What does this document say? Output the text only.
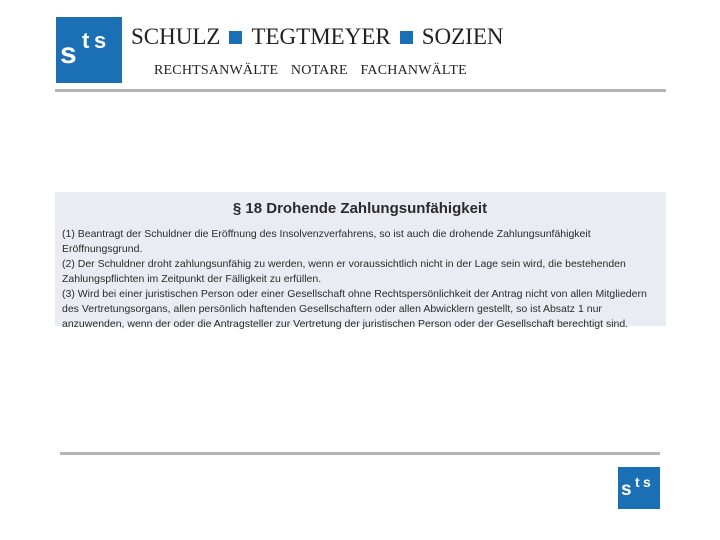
s t s SCHULZ TEGTMEYER SOZIEN
RECHTSANWÄLTE NOTARE FACHANWÄLTE
§ 18 Drohende Zahlungsunfähigkeit

(1) Beantragt der Schuldner die Eröffnung des Insolvenzverfahrens, so ist auch die drohende Zahlungsunfähigkeit Eröffnungsgrund.

(2) Der Schuldner droht zahlungsunfähig zu werden, wenn er voraussichtlich nicht in der Lage sein wird, die bestehenden Zahlungspflichten im Zeitpunkt der Fälligkeit zu erfüllen.

(3) Wird bei einer juristischen Person oder einer Gesellschaft ohne Rechtspersönlichkeit der Antrag nicht von allen Mitgliedern des Vertretungsorgans, allen persönlich haftenden Gesellschaftern oder allen Abwicklern gestellt, so ist Absatz 1 nur anzuwenden, wenn der oder die Antragsteller zur Vertretung der juristischen Person oder der Gesellschaft berechtigt sind.

s t s
